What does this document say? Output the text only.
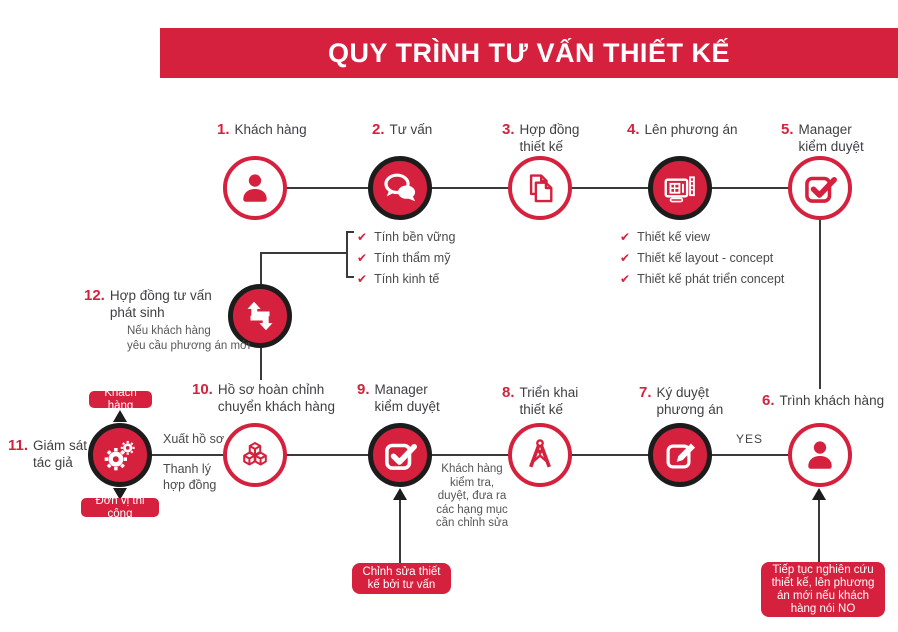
QUY TRÌNH TƯ VẤN THIẾT KẾ
1. Khách hàng	2. Tư vấn	3. Hợp đồng
thiết kế
4. Lên phương án	5. Manager
kiểm duyệt
✔ Tính bền vững
✔ Tính thẩm mỹ
✔ Tính kinh tế
✔ Thiết kế view
✔ Thiết kế layout - concept
✔ Thiết kế phát triển concept
12. Hợp đồng tư vấn
phát sinh
Nếu khách hàng
yêu cầu phương án mới
10. Hồ sơ hoàn chỉnh
chuyển khách hàng
9. Manager
kiểm duyệt
8. Triển khai
thiết kế
7. Ký duyệt
phương án
6. Trình khách hàng
11. Giám sát
tác giả
Khách hàng
Đơn vị thi công
Xuất hồ sơ
Thanh lý
hợp đồng
YES
Khách hàng
kiểm tra,
duyệt, đưa ra
các hạng mục
cần chỉnh sửa
Chỉnh sửa thiết kế bởi tư vấn
Tiếp tục nghiên cứu thiết kế, lên phương án mới nếu khách hàng nói NO
